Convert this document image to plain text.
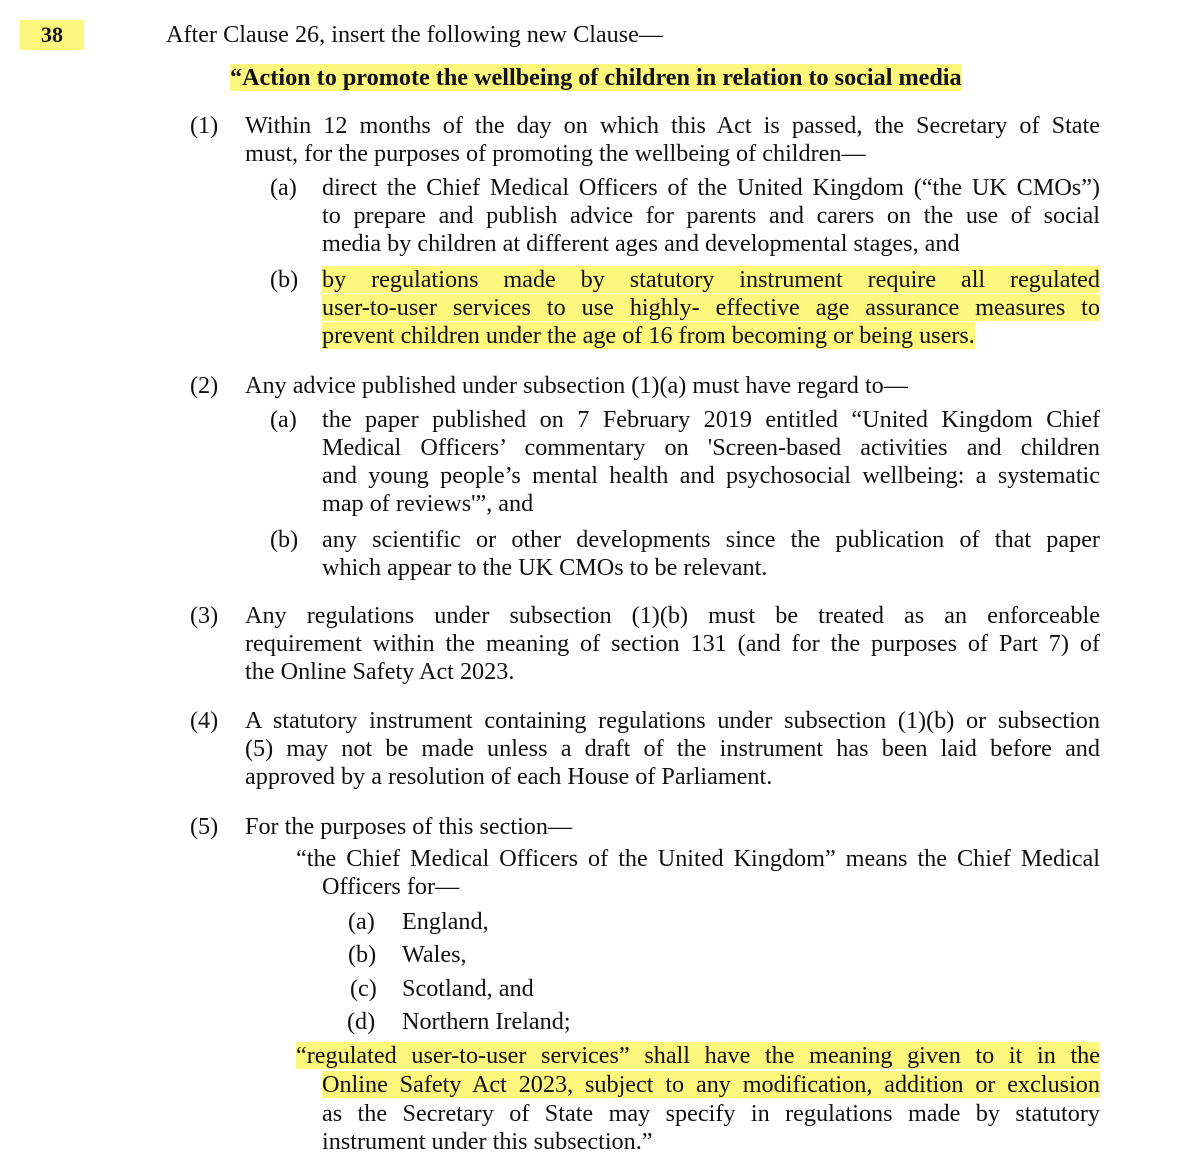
38	After Clause 26, insert the following new Clause—
“Action to promote the wellbeing of children in relation to social media
(1) Within 12 months of the day on which this Act is passed, the Secretary of State
must, for the purposes of promoting the wellbeing of children—
(a) direct the Chief Medical Officers of the United Kingdom (“the UK CMOs”)
to prepare and publish advice for parents and carers on the use of social
media by children at different ages and developmental stages, and
(b) by regulations made by statutory instrument require all regulated
user-to-user services to use highly- effective age assurance measures to
prevent children under the age of 16 from becoming or being users.
(2) Any advice published under subsection (1)(a) must have regard to—
(a) the paper published on 7 February 2019 entitled “United Kingdom Chief
Medical Officers’ commentary on 'Screen-based activities and children
and young people’s mental health and psychosocial wellbeing: a systematic
map of reviews'”, and
(b) any scientific or other developments since the publication of that paper
which appear to the UK CMOs to be relevant.
(3) Any regulations under subsection (1)(b) must be treated as an enforceable
requirement within the meaning of section 131 (and for the purposes of Part 7) of
the Online Safety Act 2023.
(4) A statutory instrument containing regulations under subsection (1)(b) or subsection
(5) may not be made unless a draft of the instrument has been laid before and
approved by a resolution of each House of Parliament.
(5) For the purposes of this section—
“the Chief Medical Officers of the United Kingdom” means the Chief Medical
Officers for—
(a) England,
(b) Wales,
(c) Scotland, and
(d) Northern Ireland;
“regulated user-to-user services” shall have the meaning given to it in the
Online Safety Act 2023, subject to any modification, addition or exclusion
as the Secretary of State may specify in regulations made by statutory
instrument under this subsection.”
